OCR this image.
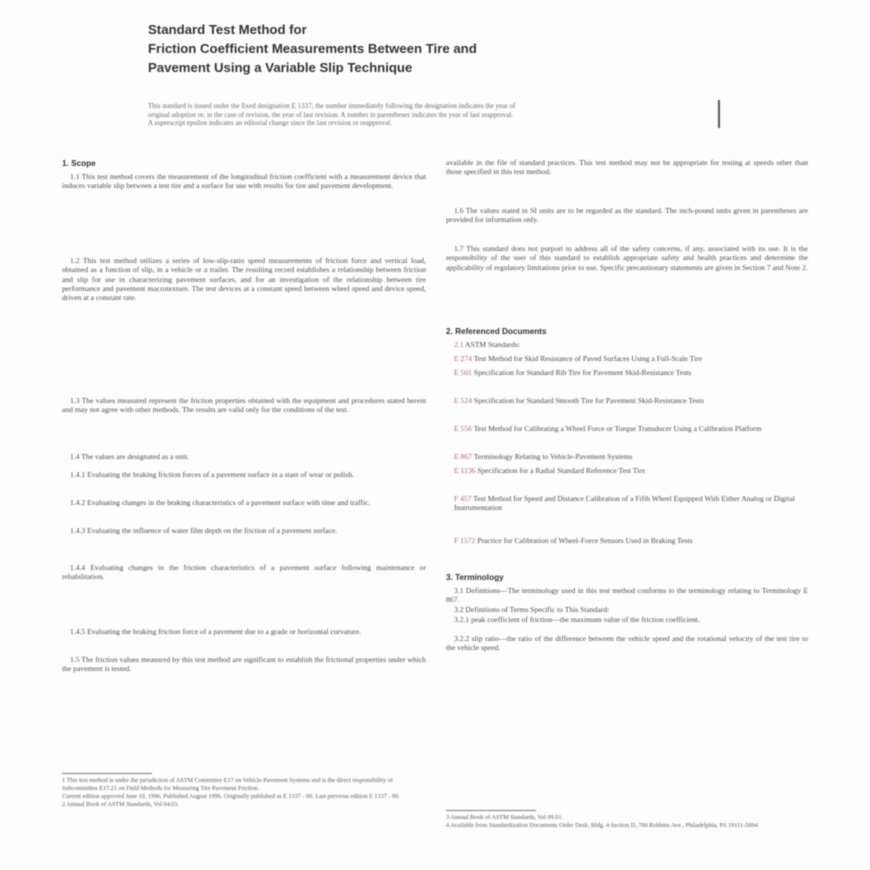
Standard Test Method for
Friction Coefficient Measurements Between Tire and
Pavement Using a Variable Slip Technique
This standard is issued under the fixed designation E 1337; the number immediately following the designation indicates the year of
original adoption or, in the case of revision, the year of last revision. A number in parentheses indicates the year of last reapproval.
A superscript epsilon indicates an editorial change since the last revision or reapproval.
1. Scope

1.1 This test method covers the measurement of the longitudinal friction coefficient with a measurement device that induces variable slip between a test tire and a surface for use with results for tire and pavement development.

1.2 This test method utilizes a series of low-slip-ratio speed measurements of friction force and vertical load, obtained as a function of slip, in a vehicle or a trailer. The resulting record establishes a relationship between friction and slip for use in characterizing pavement surfaces, and for an investigation of the relationship between tire performance and pavement macrotexture. The test devices at a constant speed between wheel speed and device speed, driven at a constant rate.

1.3 The values measured represent the friction properties obtained with the equipment and procedures stated herein and may not agree with other methods. The results are valid only for the conditions of the test.

1.4 The values are designated as a unit.

1.4.1 Evaluating the braking friction forces of a pavement surface in a state of wear or polish.

1.4.2 Evaluating changes in the braking characteristics of a pavement surface with time and traffic.

1.4.3 Evaluating the influence of water film depth on the friction of a pavement surface.

1.4.4 Evaluating changes in the friction characteristics of a pavement surface following maintenance or rehabilitation.

1.4.5 Evaluating the braking friction force of a pavement due to a grade or horizontal curvature.

1.5 The friction values measured by this test method are significant to establish the frictional properties under which the pavement is tested.

1 This test method is under the jurisdiction of ASTM Committee E17 on Vehicle-Pavement Systems and is the direct responsibility of Subcommittee E17.21 on Field Methods for Measuring Tire Pavement Friction.
Current edition approved June 10, 1996. Published August 1996. Originally published as E 1337 - 90. Last previous edition E 1337 - 90.
2 Annual Book of ASTM Standards, Vol 04.03.

available in the file of standard practices. This test method may not be appropriate for testing at speeds other than those specified in this test method.

1.6 The values stated in SI units are to be regarded as the standard. The inch-pound units given in parentheses are provided for information only.

1.7 This standard does not purport to address all of the safety concerns, if any, associated with its use. It is the responsibility of the user of this standard to establish appropriate safety and health practices and determine the applicability of regulatory limitations prior to use. Specific precautionary statements are given in Section 7 and Note 2.

2. Referenced Documents
2.1 ASTM Standards:
E 274 Test Method for Skid Resistance of Paved Surfaces Using a Full-Scale Tire
E 501 Specification for Standard Rib Tire for Pavement Skid-Resistance Tests
E 524 Specification for Standard Smooth Tire for Pavement Skid-Resistance Tests
E 556 Test Method for Calibrating a Wheel Force or Torque Transducer Using a Calibration Platform
E 867 Terminology Relating to Vehicle-Pavement Systems
E 1136 Specification for a Radial Standard Reference Test Tire
F 457 Test Method for Speed and Distance Calibration of a Fifth Wheel Equipped With Either Analog or Digital Instrumentation
F 1572 Practice for Calibration of Wheel-Force Sensors Used in Braking Tests
3. Terminology

3.1 Definitions—The terminology used in this test method conforms to the terminology relating to Terminology E 867.

3.2 Definitions of Terms Specific to This Standard:

3.2.1 peak coefficient of friction—the maximum value of the friction coefficient.

3.2.2 slip ratio—the ratio of the difference between the vehicle speed and the rotational velocity of the test tire to the vehicle speed.

3 Annual Book of ASTM Standards, Vol 09.01.
4 Available from Standardization Documents Order Desk, Bldg. 4 Section D, 700 Robbins Ave., Philadelphia, PA 19111-5094.
